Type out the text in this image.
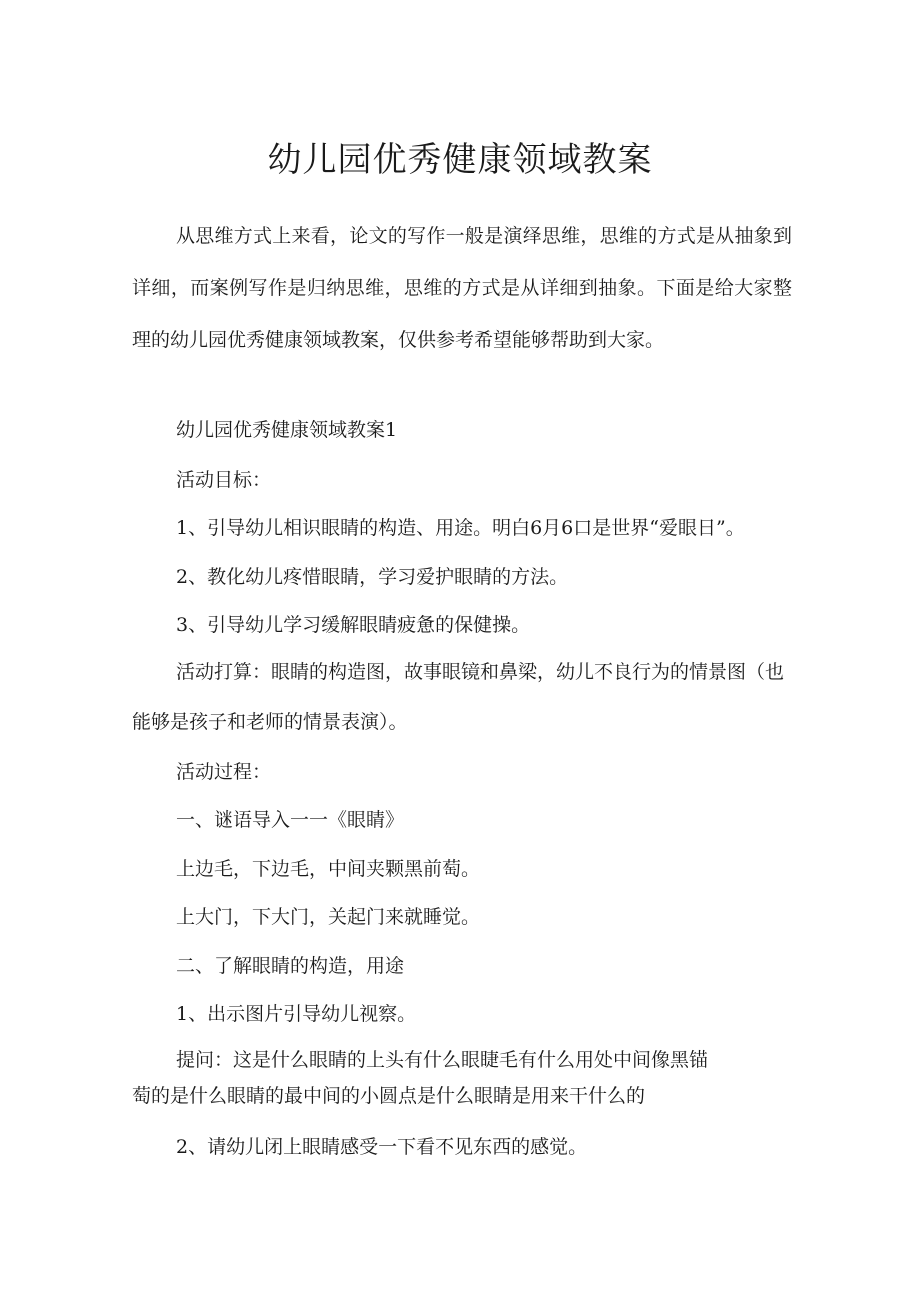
幼儿园优秀健康领域教案

从思维方式上来看，论文的写作一般是演绎思维，思维的方式是从抽象到详细，而案例写作是归纳思维，思维的方式是从详细到抽象。下面是给大家整理的幼儿园优秀健康领域教案，仅供参考希望能够帮助到大家。

幼儿园优秀健康领域教案1

活动目标：

1、引导幼儿相识眼睛的构造、用途。明白6月6口是世界“爱眼日”。

2、教化幼儿疼惜眼睛，学习爱护眼睛的方法。

3、引导幼儿学习缓解眼睛疲惫的保健操。

活动打算：眼睛的构造图，故事眼镜和鼻梁，幼儿不良行为的情景图（也能够是孩子和老师的情景表演）。

活动过程：

一、谜语导入一一《眼睛》

上边毛，下边毛，中间夹颗黑前萄。

上大门，下大门，关起门来就睡觉。

二、了解眼睛的构造，用途

1、出示图片引导幼儿视察。

提问：这是什么眼睛的上头有什么眼睫毛有什么用处中间像黑锚萄的是什么眼睛的最中间的小圆点是什么眼睛是用来干什么的

2、请幼儿闭上眼睛感受一下看不见东西的感觉。
